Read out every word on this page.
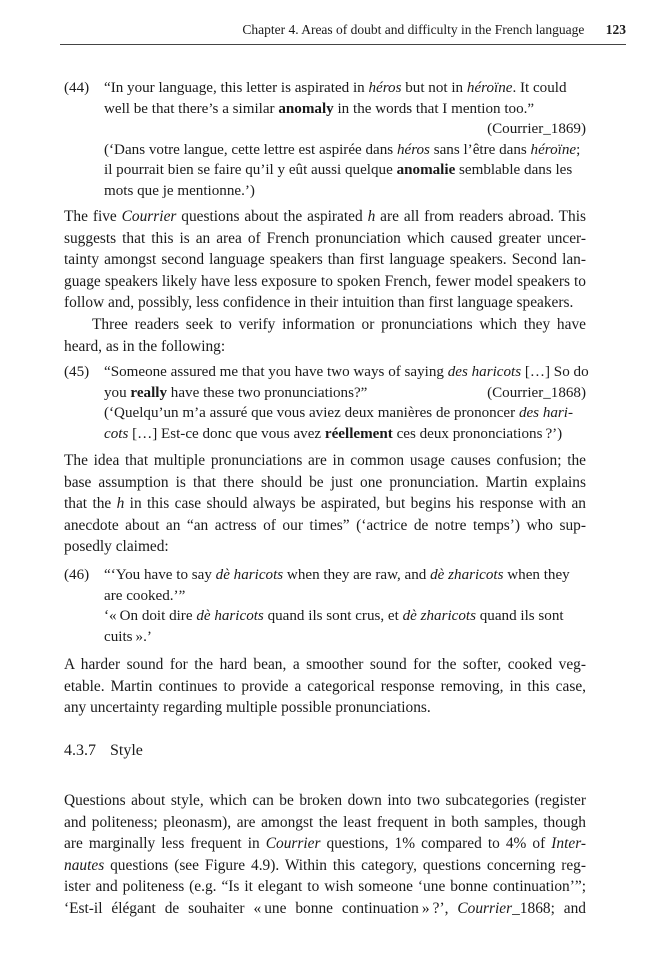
Chapter 4. Areas of doubt and difficulty in the French language 123
(44) “In your language, this letter is aspirated in héros but not in héroïne. It could
well be that there’s a similar anomaly in the words that I mention too.”
(Courrier_1869)
(‘Dans votre langue, cette lettre est aspirée dans héros sans l’être dans héroïne;
il pourrait bien se faire qu’il y eût aussi quelque anomalie semblable dans les
mots que je mentionne.’)
The five Courrier questions about the aspirated h are all from readers abroad. This
suggests that this is an area of French pronunciation which caused greater uncer-
tainty amongst second language speakers than first language speakers. Second lan-
guage speakers likely have less exposure to spoken French, fewer model speakers to
follow and, possibly, less confidence in their intuition than first language speakers.
Three readers seek to verify information or pronunciations which they have
heard, as in the following:
(45) “Someone assured me that you have two ways of saying des haricots […] So do
you really have these two pronunciations?”	(Courrier_1868)
(‘Quelqu’un m’a assuré que vous aviez deux manières de prononcer des hari-
cots […] Est-ce donc que vous avez réellement ces deux prononciations ?’)
The idea that multiple pronunciations are in common usage causes confusion; the
base assumption is that there should be just one pronunciation. Martin explains
that the h in this case should always be aspirated, but begins his response with an
anecdote about an “an actress of our times” (‘actrice de notre temps’) who sup-
posedly claimed:
(46) “‘You have to say dè haricots when they are raw, and dè zharicots when they
are cooked.’”
‘« On doit dire dè haricots quand ils sont crus, et dè zharicots quand ils sont
cuits ».’
A harder sound for the hard bean, a smoother sound for the softer, cooked veg-
etable. Martin continues to provide a categorical response removing, in this case,
any uncertainty regarding multiple possible pronunciations.
4.3.7 Style
Questions about style, which can be broken down into two subcategories (register
and politeness; pleonasm), are amongst the least frequent in both samples, though
are marginally less frequent in Courrier questions, 1% compared to 4% of Inter-
nautes questions (see Figure 4.9). Within this category, questions concerning reg-
ister and politeness (e.g. “Is it elegant to wish someone ‘une bonne continuation’”;
‘Est-il élégant de souhaiter « une bonne continuation » ?’, Courrier_1868; and
